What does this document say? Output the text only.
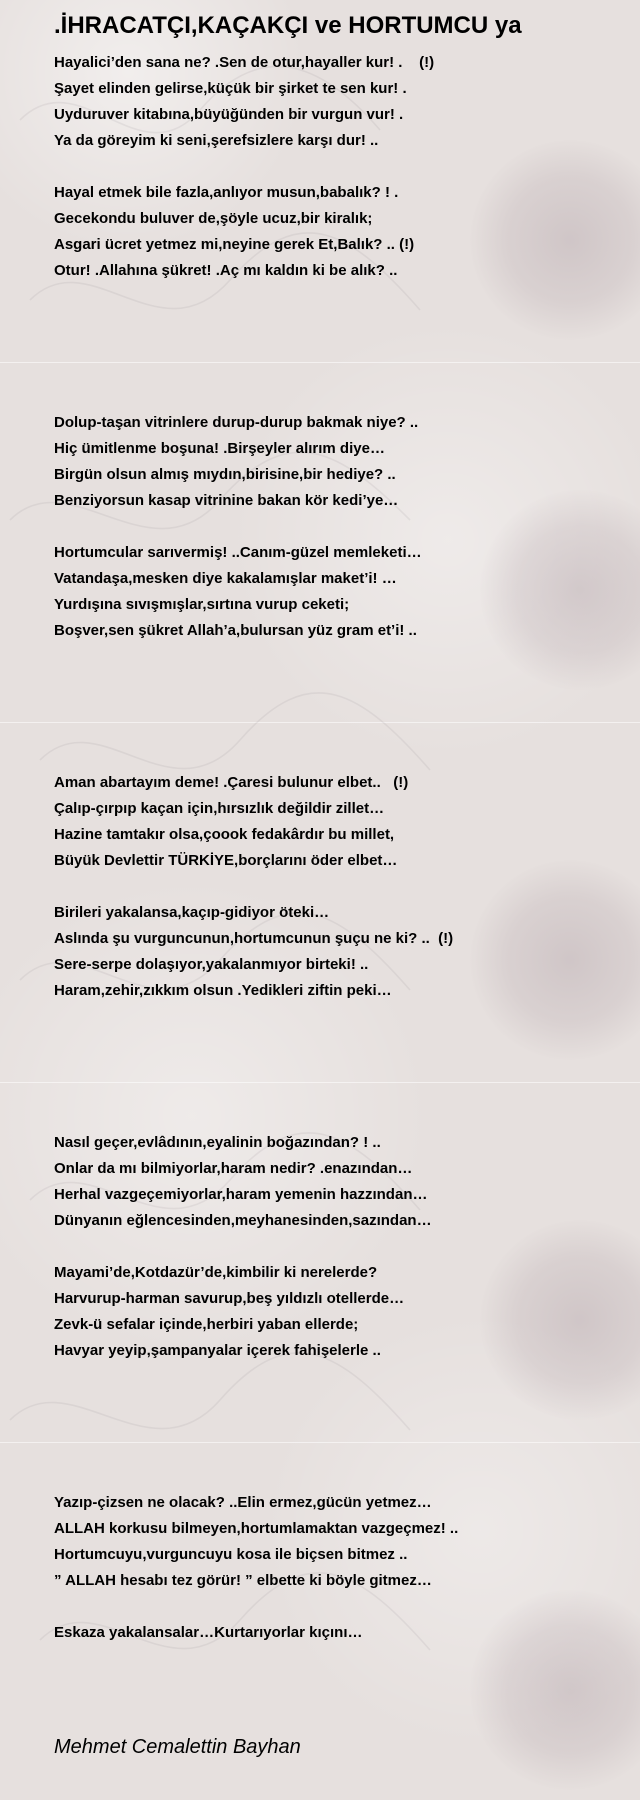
.İHRACATÇI,KAÇAKÇI ve HORTUMCU ya
Hayalici’den sana ne? .Sen de otur,hayaller kur! .    (!)
Şayet elinden gelirse,küçük bir şirket te sen kur! .
Uyduruver kitabına,büyüğünden bir vurgun vur! .
Ya da göreyim ki seni,şerefsizlere karşı dur! ..
Hayal etmek bile fazla,anlıyor musun,babalık? ! .
Gecekondu buluver de,şöyle ucuz,bir kiralık;
Asgari ücret yetmez mi,neyine gerek Et,Balık? .. (!)
Otur! .Allahına şükret! .Aç mı kaldın ki be alık? ..
Dolup-taşan vitrinlere durup-durup bakmak niye? ..
Hiç ümitlenme boşuna! .Birşeyler alırım diye…
Birgün olsun almış mıydın,birisine,bir hediye? ..
Benziyorsun kasap vitrinine bakan kör kedi’ye…
Hortumcular sarıvermiş! ..Canım-güzel memleketi…
Vatandaşa,mesken diye kakalamışlar maket’i! …
Yurdışına sıvışmışlar,sırtına vurup ceketi;
Boşver,sen şükret Allah’a,bulursan yüz gram et’i! ..
Aman abartayım deme! .Çaresi bulunur elbet..   (!)
Çalıp-çırpıp kaçan için,hırsızlık değildir zillet…
Hazine tamtakır olsa,çoook fedakârdır bu millet,
Büyük Devlettir TÜRKİYE,borçlarını öder elbet…
Birileri yakalansa,kaçıp-gidiyor öteki…
Aslında şu vurguncunun,hortumcunun şuçu ne ki? ..  (!)
Sere-serpe dolaşıyor,yakalanmıyor birteki! ..
Haram,zehir,zıkkım olsun .Yedikleri ziftin peki…
Nasıl geçer,evlâdının,eyalinin boğazından? ! ..
Onlar da mı bilmiyorlar,haram nedir? .enazından…
Herhal vazgeçemiyorlar,haram yemenin hazzından…
Dünyanın eğlencesinden,meyhanesinden,sazından…
Mayami’de,Kotdazür’de,kimbilir ki nerelerde?
Harvurup-harman savurup,beş yıldızlı otellerde…
Zevk-ü sefalar içinde,herbiri yaban ellerde;
Havyar yeyip,şampanyalar içerek fahişelerle ..
Yazıp-çizsen ne olacak? ..Elin ermez,gücün yetmez…
ALLAH korkusu bilmeyen,hortumlamaktan vazgeçmez! ..
Hortumcuyu,vurguncuyu kosa ile biçsen bitmez ..
” ALLAH hesabı tez görür! ” elbette ki böyle gitmez…
Eskaza yakalansalar…Kurtarıyorlar kıçını…
Mehmet Cemalettin Bayhan
